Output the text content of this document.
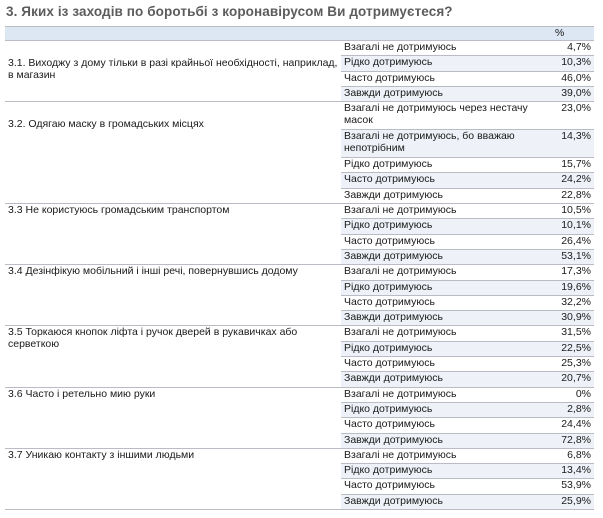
3. Яких із заходів по боротьбі з коронавірусом Ви дотримуєтеся?
		%

3.1. Виходжу з дому тільки в разі крайньої необхідності, наприклад, в магазин	Взагалі не дотримуюсь	4,7%
	Рідко дотримуюсь	10,3%
	Часто дотримуюсь	46,0%
	Завжди дотримуюсь	39,0%

3.2. Одягаю маску в громадських місцях	Взагалі не дотримуюсь через нестачу масок	23,0%
	Взагалі не дотримуюсь, бо вважаю непотрібним	14,3%
	Рідко дотримуюсь	15,7%
	Часто дотримуюсь	24,2%
	Завжди дотримуюсь	22,8%

3.3 Не користуюсь громадським транспортом	Взагалі не дотримуюсь	10,5%
	Рідко дотримуюсь	10,1%
	Часто дотримуюсь	26,4%
	Завжди дотримуюсь	53,1%

3.4 Дезінфікую мобільний і інші речі, повернувшись додому	Взагалі не дотримуюсь	17,3%
	Рідко дотримуюсь	19,6%
	Часто дотримуюсь	32,2%
	Завжди дотримуюсь	30,9%

3.5 Торкаюся кнопок ліфта і ручок дверей в рукавичках або серветкою	Взагалі не дотримуюсь	31,5%
	Рідко дотримуюсь	22,5%
	Часто дотримуюсь	25,3%
	Завжди дотримуюсь	20,7%

3.6 Часто і ретельно мию руки	Взагалі не дотримуюсь	0%
	Рідко дотримуюсь	2,8%
	Часто дотримуюсь	24,4%
	Завжди дотримуюсь	72,8%

3.7 Уникаю контакту з іншими людьми	Взагалі не дотримуюсь	6,8%
	Рідко дотримуюсь	13,4%
	Часто дотримуюсь	53,9%
	Завжди дотримуюсь	25,9%
